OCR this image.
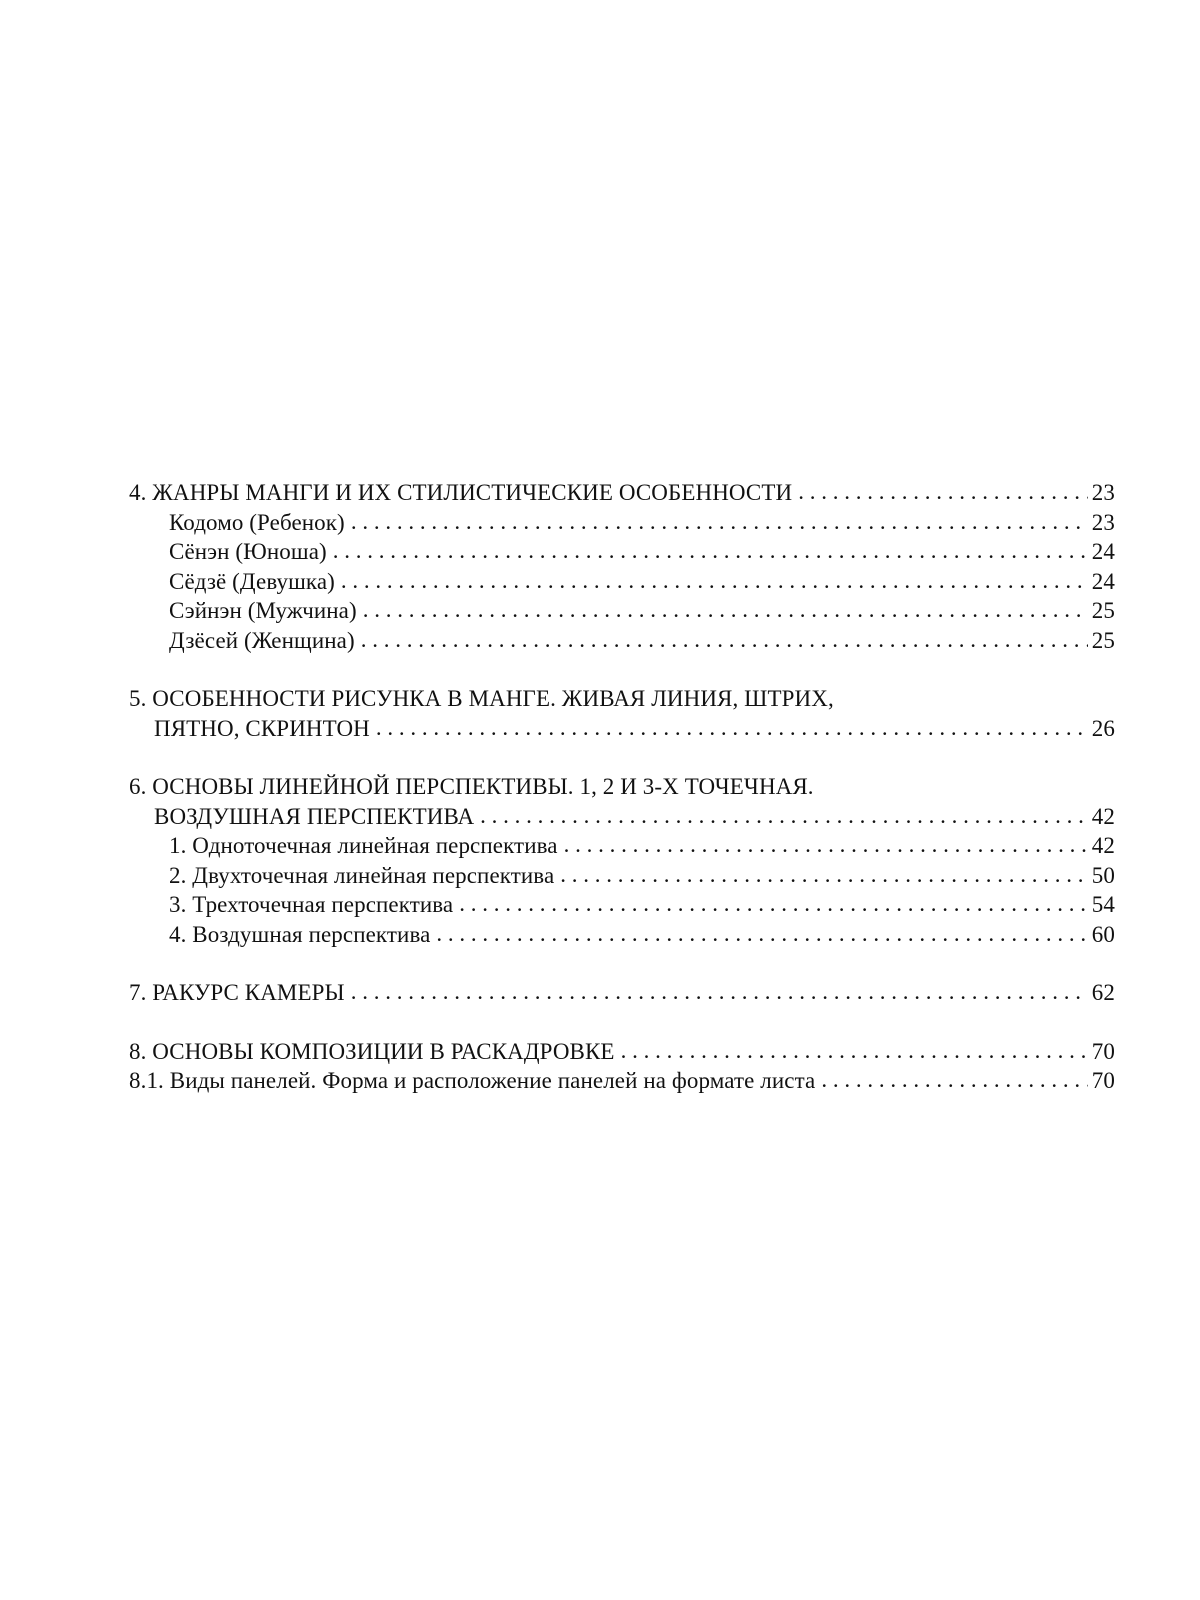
4. ЖАНРЫ МАНГИ И ИХ СТИЛИСТИЧЕСКИЕ ОСОБЕННОСТИ . . .	23
Кодомо (Ребенок) . . .	23
Сёнэн (Юноша) . . .	24
Сёдзё (Девушка) . . .	24
Сэйнэн (Мужчина) . . .	25
Дзёсей (Женщина) . . .	25
5. ОСОБЕННОСТИ РИСУНКА В МАНГЕ. ЖИВАЯ ЛИНИЯ, ШТРИХ,
ПЯТНО, СКРИНТОН . . .	26
6. ОСНОВЫ ЛИНЕЙНОЙ ПЕРСПЕКТИВЫ. 1, 2 И 3-Х ТОЧЕЧНАЯ.
ВОЗДУШНАЯ ПЕРСПЕКТИВА . . .	42
1. Одноточечная линейная перспектива . . .	42
2. Двухточечная линейная перспектива . . .	50
3. Трехточечная перспектива . . .	54
4. Воздушная перспектива . . .	60
7. РАКУРС КАМЕРЫ . . .	62
8. ОСНОВЫ КОМПОЗИЦИИ В РАСКАДРОВКЕ . . .	70
8.1. Виды панелей. Форма и расположение панелей на формате листа . . .	70
